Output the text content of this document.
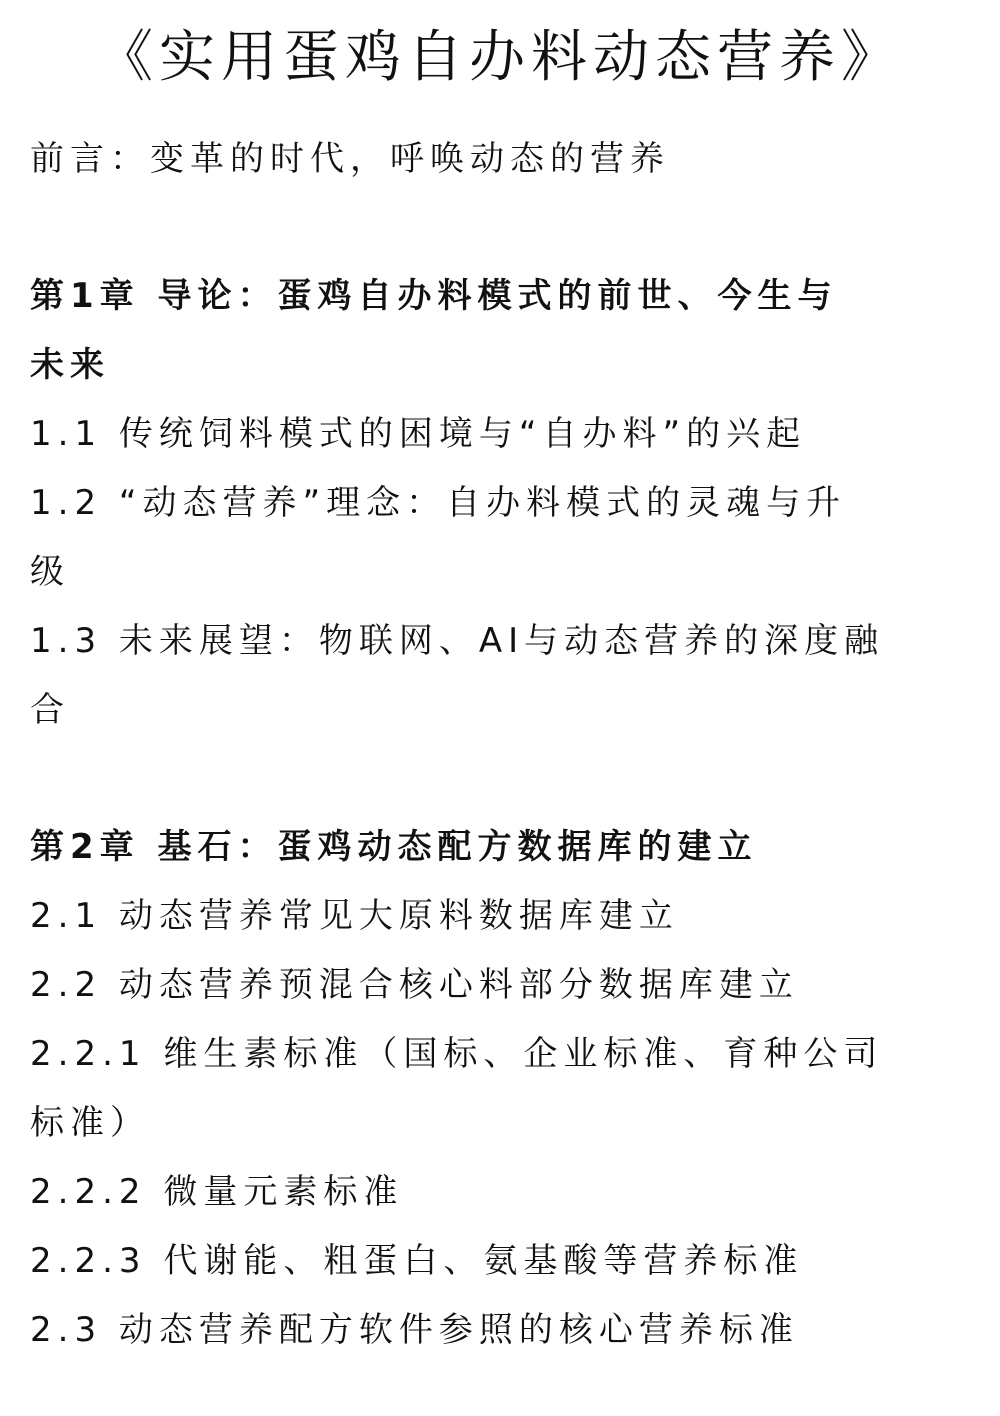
《实用蛋鸡自办料动态营养》
前言：变革的时代，呼唤动态的营养
第1章 导论：蛋鸡自办料模式的前世、今生与
未来
1.1 传统饲料模式的困境与“自办料”的兴起
1.2 “动态营养”理念：自办料模式的灵魂与升
级
1.3 未来展望：物联网、AI与动态营养的深度融
合
第2章 基石：蛋鸡动态配方数据库的建立
2.1 动态营养常见大原料数据库建立
2.2 动态营养预混合核心料部分数据库建立
2.2.1 维生素标准（国标、企业标准、育种公司
标准）
2.2.2 微量元素标准
2.2.3 代谢能、粗蛋白、氨基酸等营养标准
2.3 动态营养配方软件参照的核心营养标准
